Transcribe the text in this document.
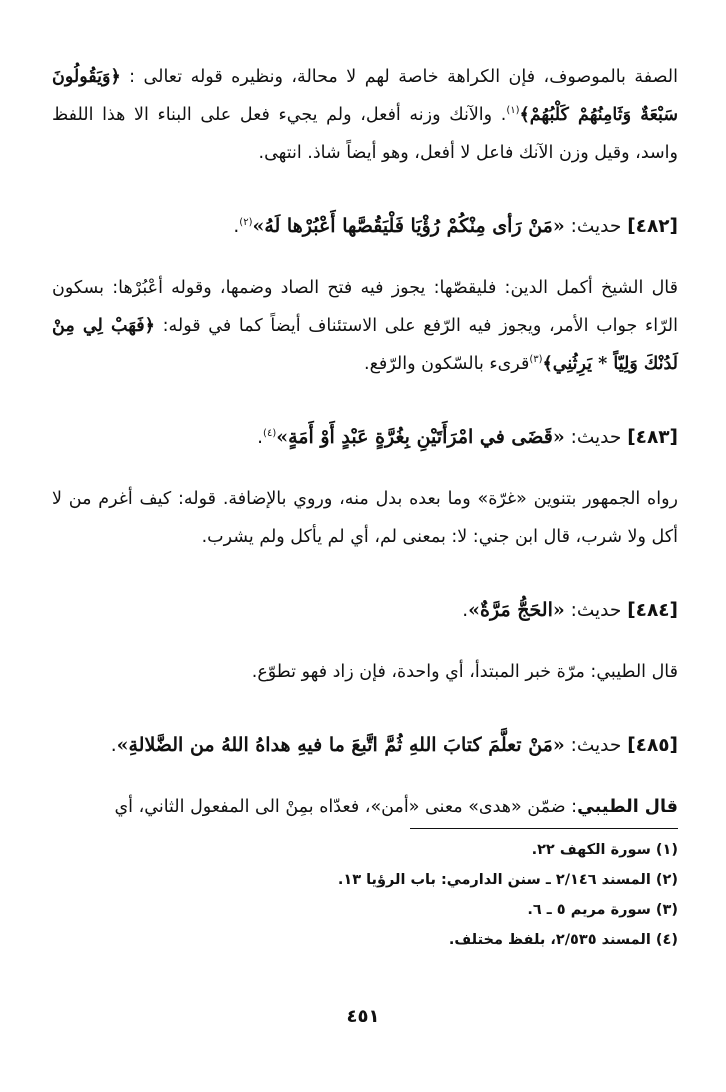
الصفة بالموصوف، فإن الكراهة خاصة لهم لا محالة، ونظيره قوله تعالى : ﴿وَيَقُولُونَ سَبْعَةٌ وَثَامِنُهُمْ كَلْبُهُمْ﴾$^{(١)}$. والآنك وزنه أفعل، ولم يجيء فعل على البناء الا هذا اللفظ واسد، وقيل وزن الآنك فاعل لا أفعل، وهو أيضاً شاذ. انتهى.

[٤٨٢] حديث: «مَنْ رَأى مِنْكُمْ رُؤْيَا فَلْيَقُصَّها أَعْبُرْها لَهُ»$^{(٢)}$.

قال الشيخ أكمل الدين: فليقصّها: يجوز فيه فتح الصاد وضمها، وقوله أعْبُرْها: بسكون الرّاء جواب الأمر، ويجوز فيه الرّفع على الاستئناف أيضاً كما في قوله: ﴿فَهَبْ لِي مِنْ لَدُنْكَ وَلِيّاً * يَرِثُنِي﴾$^{(٣)}$قرىء بالسّكون والرّفع.

[٤٨٣] حديث: «قَضَى في امْرَأَتَيْنِ بِغُرَّةٍ عَبْدٍ أَوْ أَمَةٍ»$^{(٤)}$.

رواه الجمهور بتنوين «غرّة» وما بعده بدل منه، وروي بالإضافة. قوله: كيف أغرم من لا أكل ولا شرب، قال ابن جني: لا: بمعنى لم، أي لم يأكل ولم يشرب.

[٤٨٤] حديث: «الحَجُّ مَرَّةٌ».

قال الطيبي: مرّة خبر المبتدأ، أي واحدة، فإن زاد فهو تطوّع.

[٤٨٥] حديث: «مَنْ تعلَّمَ كتابَ اللهِ ثُمَّ اتَّبعَ ما فيهِ هداهُ اللهُ من الضَّلالةِ».

قال الطيبي: ضمّن «هدى» معنى «أمن»، فعدّاه بمِنْ الى المفعول الثاني، أي

(١) سورة الكهف ٢٢.
(٢) المسند ٢/١٤٦ ـ سنن الدارمي: باب الرؤيا ١٣.
(٣) سورة مريم ٥ ـ ٦.
(٤) المسند ٢/٥٣٥، بلفظ مختلف.
٤٥١
